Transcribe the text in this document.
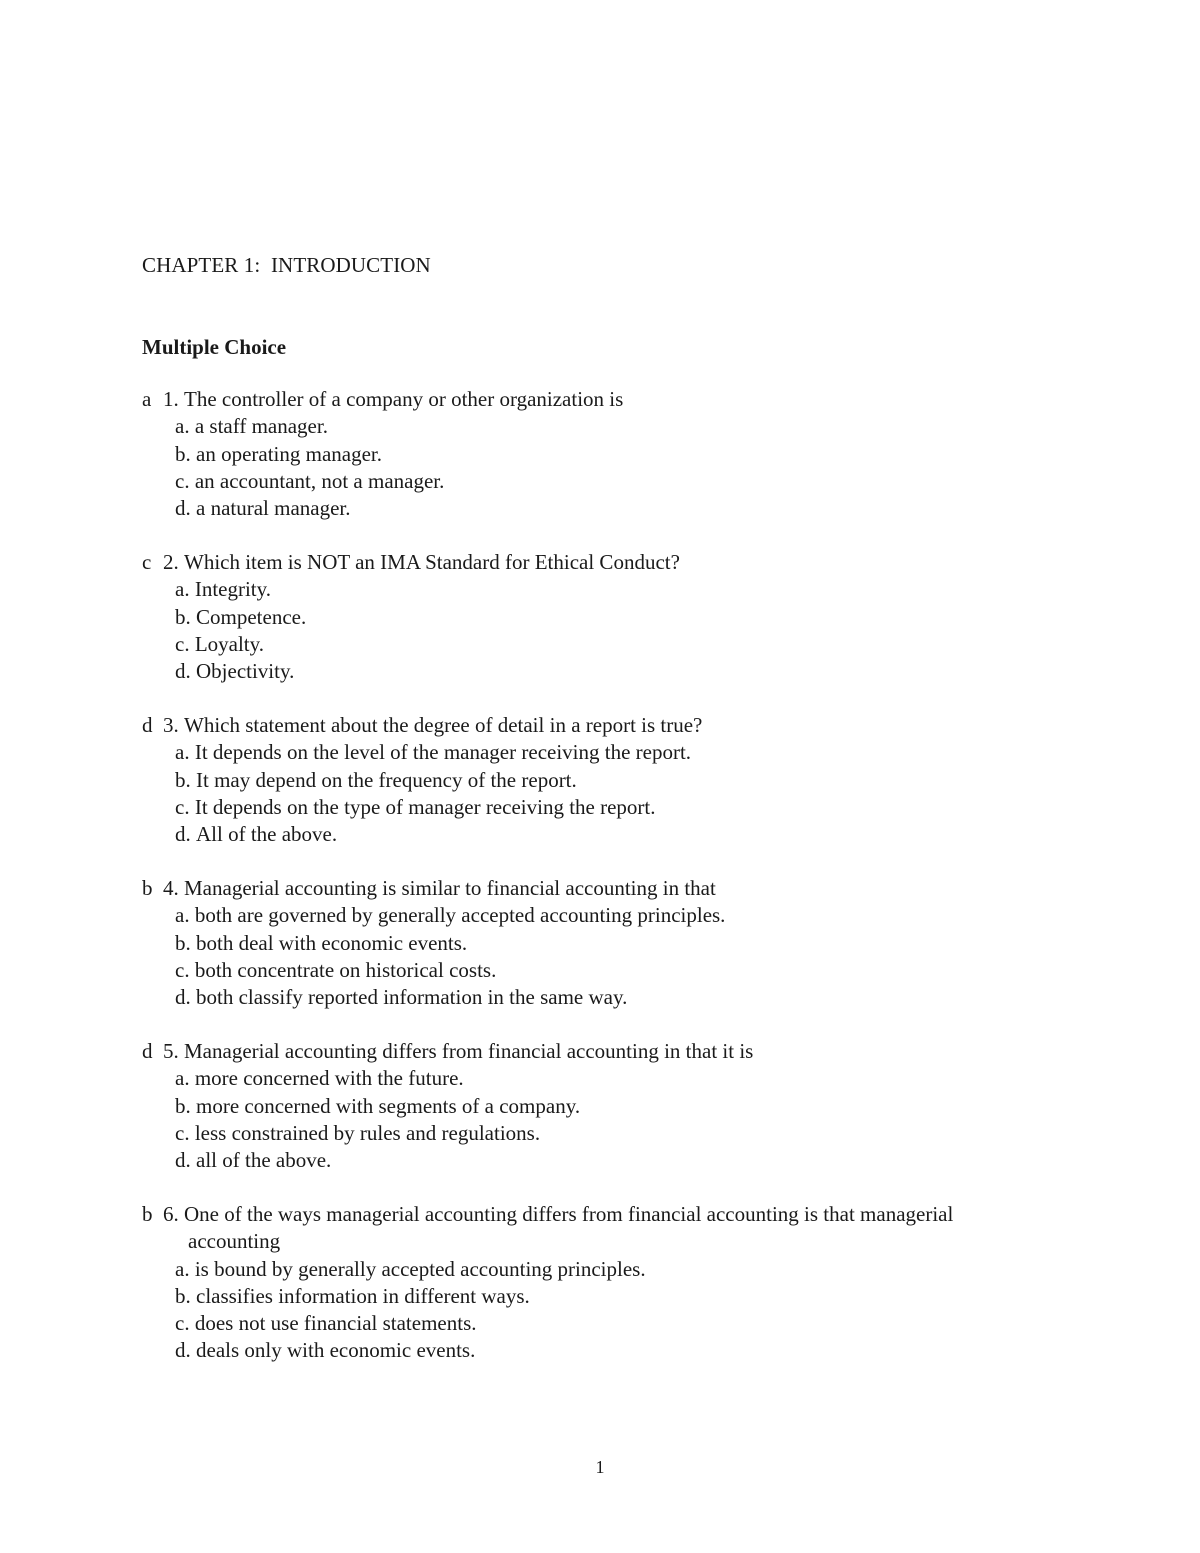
CHAPTER 1:  INTRODUCTION
Multiple Choice
a 1.
The controller of a company or other organization is
a.
a staff manager.
b.
an operating manager.
c.
an accountant, not a manager.
d.
a natural manager.
c 2.
Which item is NOT an IMA Standard for Ethical Conduct?
a.
Integrity.
b.
Competence.
c.
Loyalty.
d.
Objectivity.
d 3.
Which statement about the degree of detail in a report is true?
a.
It depends on the level of the manager receiving the report.
b.
It may depend on the frequency of the report.
c.
It depends on the type of manager receiving the report.
d.
All of the above.
b 4.
Managerial accounting is similar to financial accounting in that
a.
both are governed by generally accepted accounting principles.
b.
both deal with economic events.
c.
both concentrate on historical costs.
d.
both classify reported information in the same way.
d 5.
Managerial accounting differs from financial accounting in that it is
a.
more concerned with the future.
b.
more concerned with segments of a company.
c.
less constrained by rules and regulations.
d.
all of the above.
b 6.
One of the ways managerial accounting differs from financial accounting is that managerial
accounting
a.
is bound by generally accepted accounting principles.
b.
classifies information in different ways.
c.
does not use financial statements.
d.
deals only with economic events.
1
